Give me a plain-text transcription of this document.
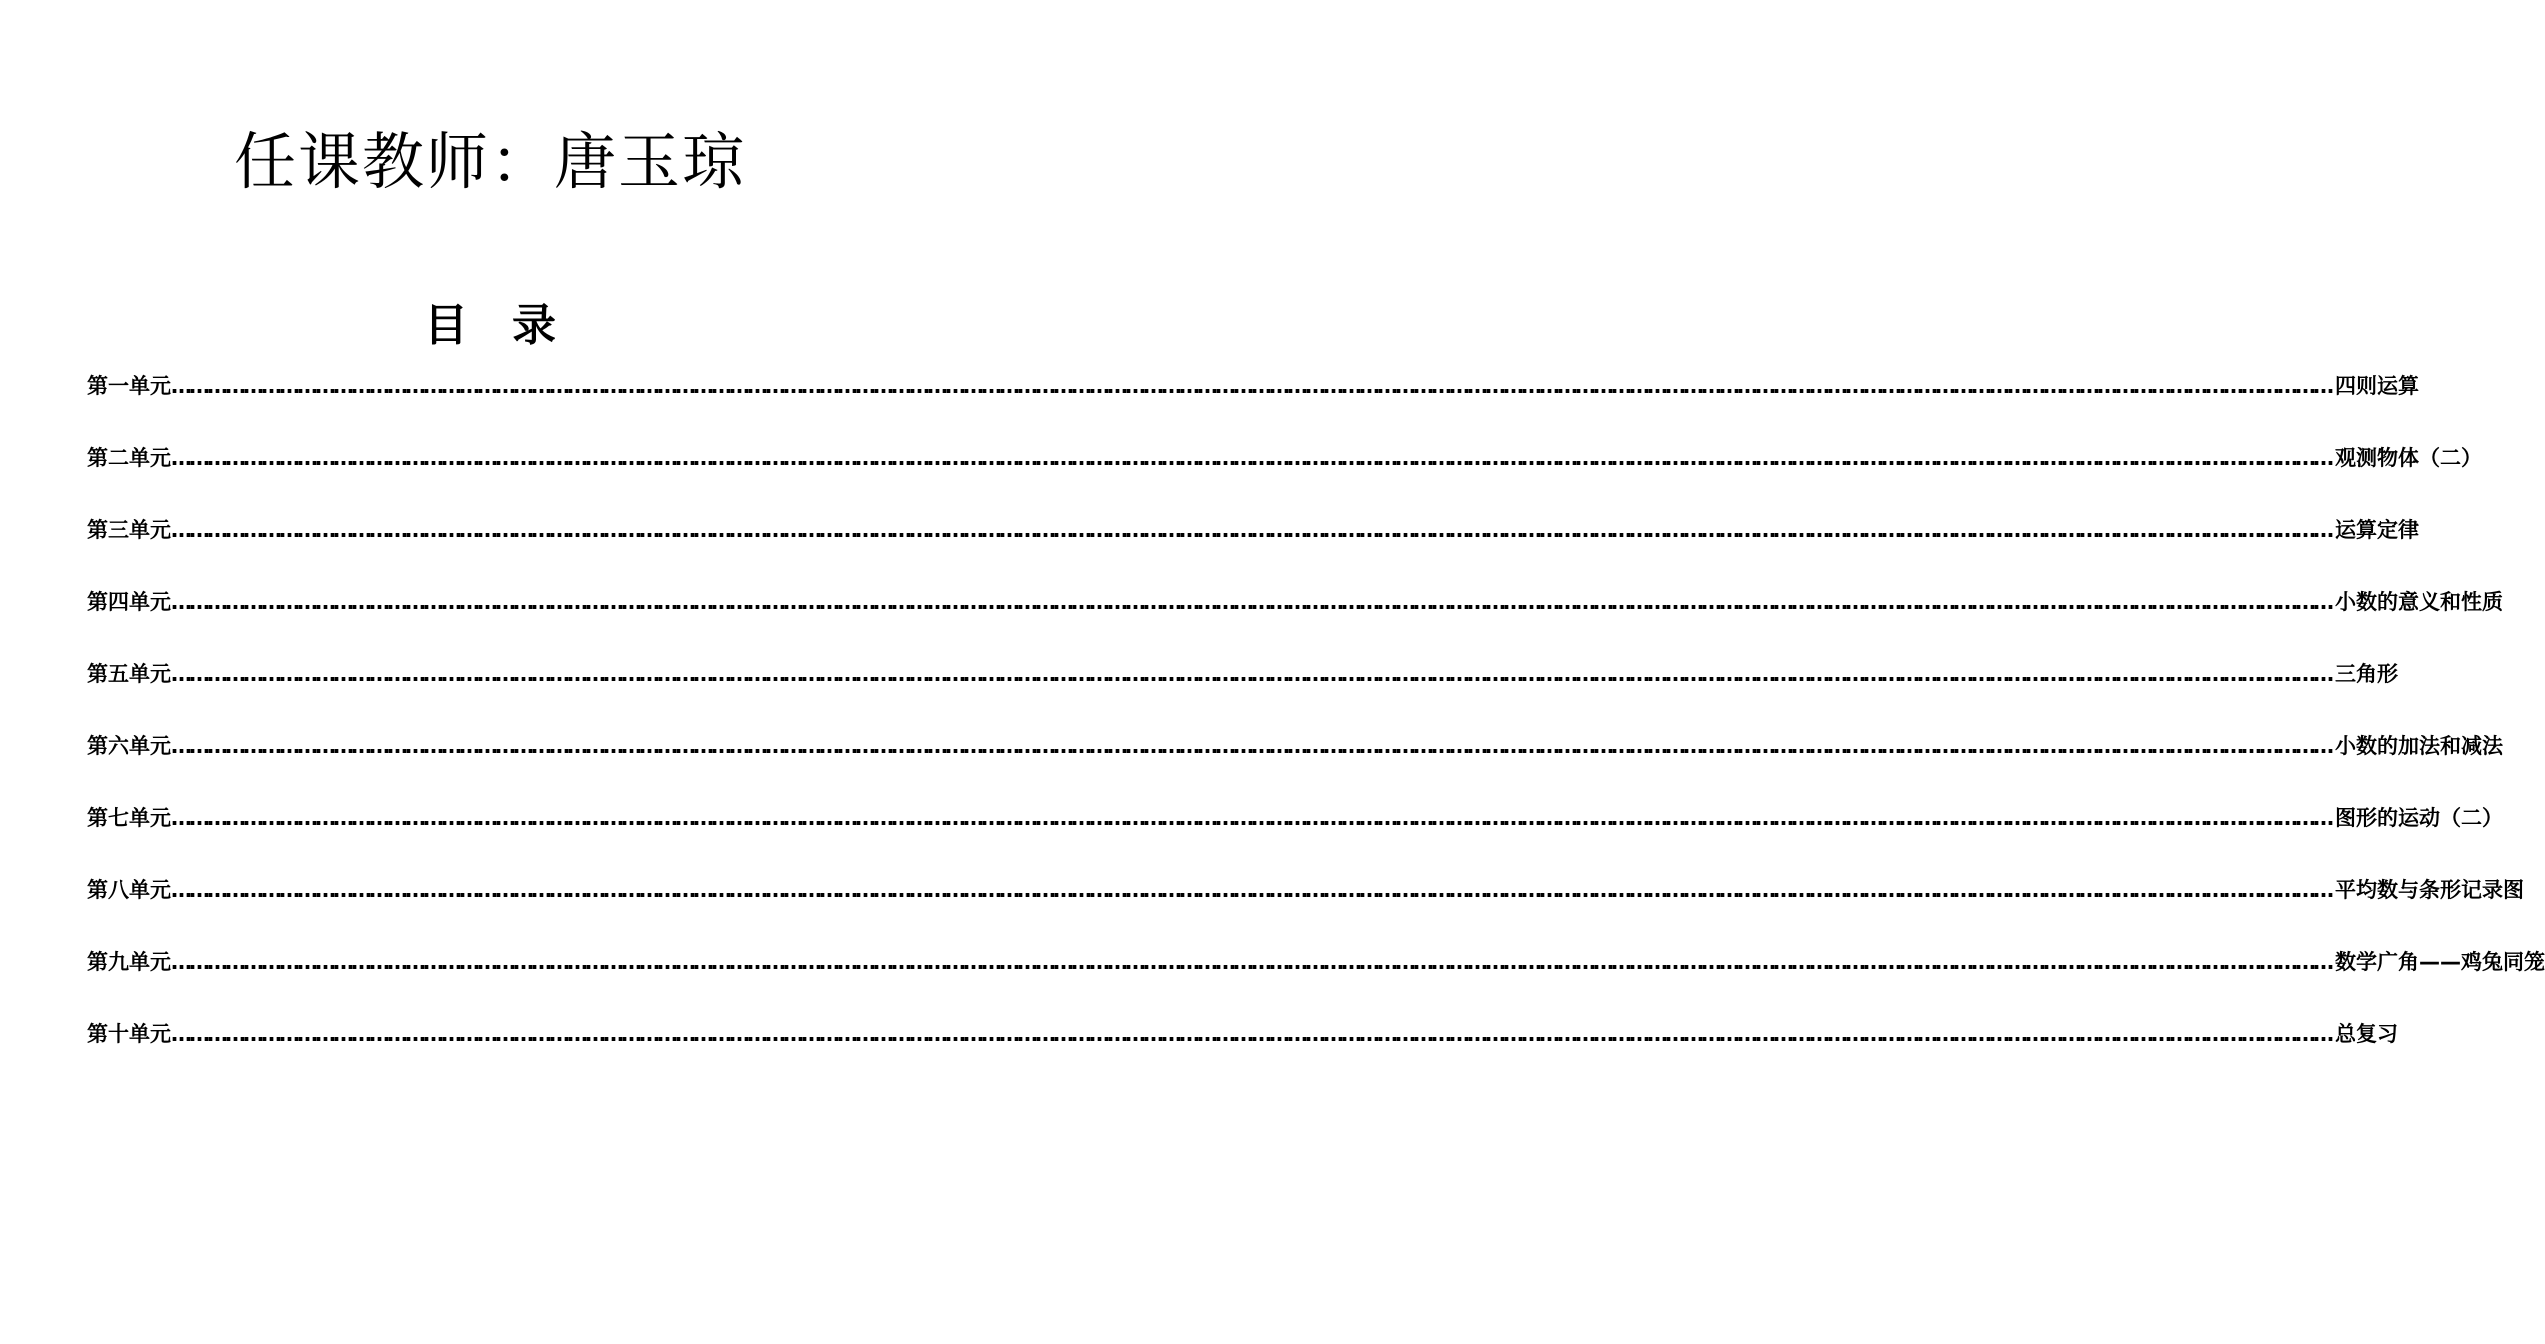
任课教师：唐玉琼
目　录
第一单元 ……………………………………………………………………………………………………………………………………………………………………………………………………………………………………………………………………………………………………………………………… 四则运算
第二单元 ……………………………………………………………………………………………………………………………………………………………………………………………………………………………………………………………………………………………………………………………… 观测物体（二）
第三单元 ……………………………………………………………………………………………………………………………………………………………………………………………………………………………………………………………………………………………………………………………… 运算定律
第四单元 ……………………………………………………………………………………………………………………………………………………………………………………………………………………………………………………………………………………………………………………………… 小数的意义和性质
第五单元 ……………………………………………………………………………………………………………………………………………………………………………………………………………………………………………………………………………………………………………………………… 三角形
第六单元 ……………………………………………………………………………………………………………………………………………………………………………………………………………………………………………………………………………………………………………………………… 小数的加法和减法
第七单元 ……………………………………………………………………………………………………………………………………………………………………………………………………………………………………………………………………………………………………………………………… 图形的运动（二）
第八单元 ……………………………………………………………………………………………………………………………………………………………………………………………………………………………………………………………………………………………………………………………… 平均数与条形记录图
第九单元 ……………………………………………………………………………………………………………………………………………………………………………………………………………………………………………………………………………………………………………………………… 数学广角——鸡兔同笼
第十单元 ……………………………………………………………………………………………………………………………………………………………………………………………………………………………………………………………………………………………………………………………… 总复习
